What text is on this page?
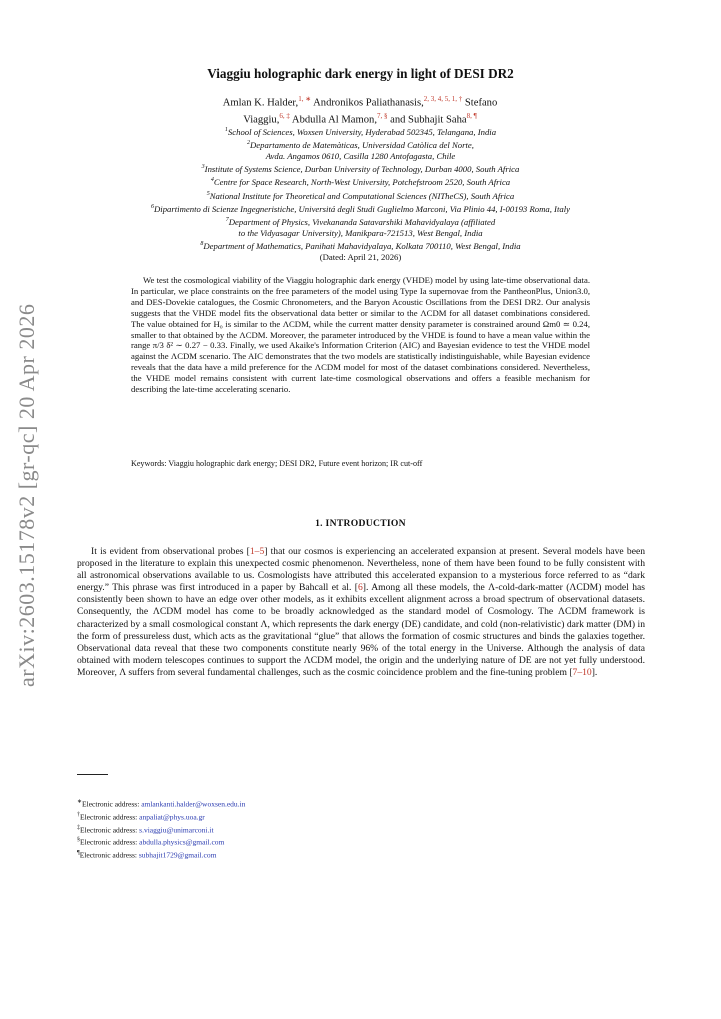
arXiv:2603.15178v2 [gr-qc] 20 Apr 2026
Viaggiu holographic dark energy in light of DESI DR2
Amlan K. Halder,$^{1, ∗}$ Andronikos Paliathanasis,$^{2, 3, 4, 5, 1, \dagger}$ Stefano
Viaggiu,$^{6, \ddagger}$ Abdulla Al Mamon,$^{7, \S}$ and Subhajit Saha$^{8, \P}$
$^1$School of Sciences, Woxsen University, Hyderabad 502345, Telangana, India
$^2$Departamento de Matemàticas, Universidad Catòlica del Norte,
Avda. Angamos 0610, Casilla 1280 Antofagasta, Chile
$^3$Institute of Systems Science, Durban University of Technology, Durban 4000, South Africa
$^4$Centre for Space Research, North-West University, Potchefstroom 2520, South Africa
$^5$National Institute for Theoretical and Computational Sciences (NITheCS), South Africa
$^6$Dipartimento di Scienze Ingegneristiche, Universitá degli Studi Guglielmo Marconi, Via Plinio 44, I-00193 Roma, Italy
$^7$Department of Physics, Vivekananda Satavarshiki Mahavidyalaya (affiliated
to the Vidyasagar University), Manikpara-721513, West Bengal, India
$^8$Department of Mathematics, Panihati Mahavidyalaya, Kolkata 700110, West Bengal, India
(Dated: April 21, 2026)
We test the cosmological viability of the Viaggiu holographic dark energy (VHDE) model by using late-time observational data. In particular, we place constraints on the free parameters of the model using Type Ia supernovae from the PantheonPlus, Union3.0, and DES-Dovekie catalogues, the Cosmic Chronometers, and the Baryon Acoustic Oscillations from the DESI DR2. Our analysis suggests that the VHDE model fits the observational data better or similar to the ΛCDM for all dataset combinations considered. The value obtained for H₀ is similar to the ΛCDM, while the current matter density parameter is constrained around Ωm0 ≃ 0.24, smaller to that obtained by the ΛCDM. Moreover, the parameter introduced by the VHDE is found to have a mean value within the range π/3 δ² ∼ 0.27 − 0.33. Finally, we used Akaike's Information Criterion (AIC) and Bayesian evidence to test the VHDE model against the ΛCDM scenario. The AIC demonstrates that the two models are statistically indistinguishable, while Bayesian evidence reveals that the data have a mild preference for the ΛCDM model for most of the dataset combinations considered. Nevertheless, the VHDE model remains consistent with current late-time cosmological observations and offers a feasible mechanism for describing the late-time accelerating scenario.
Keywords: Viaggiu holographic dark energy; DESI DR2, Future event horizon; IR cut-off
1. INTRODUCTION
It is evident from observational probes [1–5] that our cosmos is experiencing an accelerated expansion at present. Several models have been proposed in the literature to explain this unexpected cosmic phenomenon. Nevertheless, none of them have been found to be fully consistent with all astronomical observations available to us. Cosmologists have attributed this accelerated expansion to a mysterious force referred to as “dark energy.” This phrase was first introduced in a paper by Bahcall et al. [6]. Among all these models, the Λ-cold-dark-matter (ΛCDM) model has consistently been shown to have an edge over other models, as it exhibits excellent alignment across a broad spectrum of observational datasets. Consequently, the ΛCDM model has come to be broadly acknowledged as the standard model of Cosmology. The ΛCDM framework is characterized by a small cosmological constant Λ, which represents the dark energy (DE) candidate, and cold (non-relativistic) dark matter (DM) in the form of pressureless dust, which acts as the gravitational “glue” that allows the formation of cosmic structures and binds the galaxies together. Observational data reveal that these two components constitute nearly 96% of the total energy in the Universe. Although the analysis of data obtained with modern telescopes continues to support the ΛCDM model, the origin and the underlying nature of DE are not yet fully understood. Moreover, Λ suffers from several fundamental challenges, such as the cosmic coincidence problem and the fine-tuning problem [7–10].
∗Electronic address: amlankanti.halder@woxsen.edu.in
†Electronic address: anpaliat@phys.uoa.gr
‡Electronic address: s.viaggiu@unimarconi.it
§Electronic address: abdulla.physics@gmail.com
¶Electronic address: subhajit1729@gmail.com
